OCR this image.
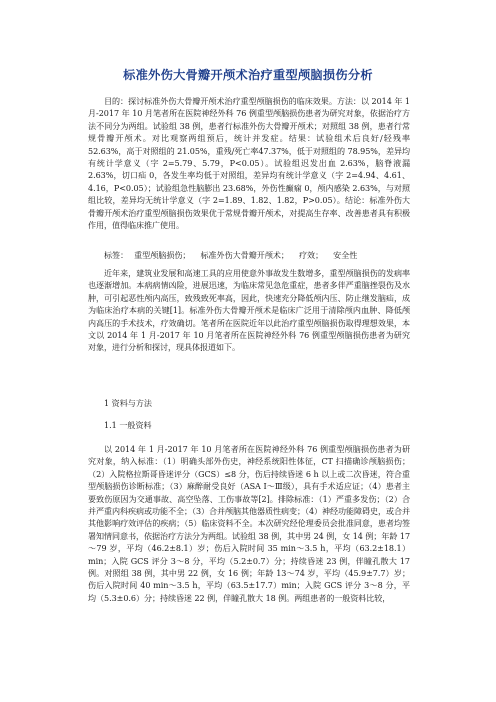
标准外伤大骨瓣开颅术治疗重型颅脑损伤分析

目的：探讨标准外伤大骨瓣开颅术治疗重型颅脑损伤的临床效果。方法：以 2014 年 1 月-2017 年 10 月笔者所在医院神经外科 76 例重型颅脑损伤患者为研究对象，依据治疗方法不同分为两组。试验组 38 例，患者行标准外伤大骨瓣开颅术；对照组 38 例，患者行常规骨瓣开颅术。对比观察两组预后，统计并发症。结果：试验组术后良好/轻残率 52.63%，高于对照组的 21.05%，重残/死亡率47.37%，低于对照组的 78.95%，差异均有统计学意义（字 2=5.79、5.79，P<0.05）。试验组迟发出血 2.63%，脑脊液漏 2.63%，切口疝 0，各发生率均低于对照组，差异均有统计学意义（字 2=4.94、4.61、4.16，P<0.05）；试验组急性脑膨出 23.68%，外伤性癫痫 0，颅内感染 2.63%，与对照组比较，差异均无统计学意义（字 2=1.89、1.82、1.82，P>0.05）。结论：标准外伤大骨瓣开颅术治疗重型颅脑损伤效果优于常规骨瓣开颅术，对提高生存率、改善患者具有积极作用，值得临床推广使用。

标签： 重型颅脑损伤； 标准外伤大骨瓣开颅术； 疗效； 安全性

近年来，建筑业发展和高速工具的应用使意外事故发生数增多，重型颅脑损伤的发病率也逐渐增加。本病病情凶险，进展迅速，为临床常见急危重症，患者多伴严重脑挫裂伤及水肿，可引起恶性颅内高压，致残致死率高，因此，快速充分降低颅内压、防止继发脑疝，成为临床治疗本病的关键[1]。标准外伤大骨瓣开颅术是临床广泛用于清除颅内血肿、降低颅内高压的手术技术，疗效确切。笔者所在医院近年以此治疗重型颅脑损伤取得理想效果，本文以 2014 年 1 月-2017 年 10 月笔者所在医院神经外科 76 例重型颅脑损伤患者为研究对象，进行分析和探讨，现具体报道如下。

1 资料与方法

1.1 一般资料

以 2014 年 1 月-2017 年 10 月笔者所在医院神经外科 76 例重型颅脑损伤患者为研究对象，纳入标准：（1）明确头部外伤史，神经系统阳性体征，CT 扫描确诊颅脑损伤；（2）入院格拉斯哥昏迷评分（GCS）≤8 分，伤后持续昏迷 6 h 以上或二次昏迷，符合重型颅脑损伤诊断标准；（3）麻醉耐受良好（ASA Ⅰ～Ⅲ级），具有手术适应证；（4）患者主要致伤原因为交通事故、高空坠落、工伤事故等[2]。排除标准：（1）严重多发伤；（2）合并严重内科疾病或功能不全；（3）合并颅脑其他器质性病变；（4）神经功能障碍史，或合并其他影响疗效评估的疾病；（5）临床资料不全。本次研究经伦理委员会批准同意，患者均签署知情同意书，依据治疗方法分为两组。试验组 38 例，其中男 24 例，女 14 例；年龄 17～79 岁，平均（46.2±8.1）岁；伤后入院时间 35 min～3.5 h，平均（63.2±18.1）min；入院 GCS 评分 3～8 分，平均（5.2±0.7）分；持续昏迷 23 例，伴瞳孔散大 17 例。对照组 38 例，其中男 22 例，女 16 例；年龄 13～74 岁，平均（45.9±7.7）岁；伤后入院时间 40 min～3.5 h，平均（63.5±17.7）min；入院 GCS 评分 3～8 分，平均（5.3±0.6）分；持续昏迷 22 例，伴瞳孔散大 18 例。两组患者的一般资料比较，
